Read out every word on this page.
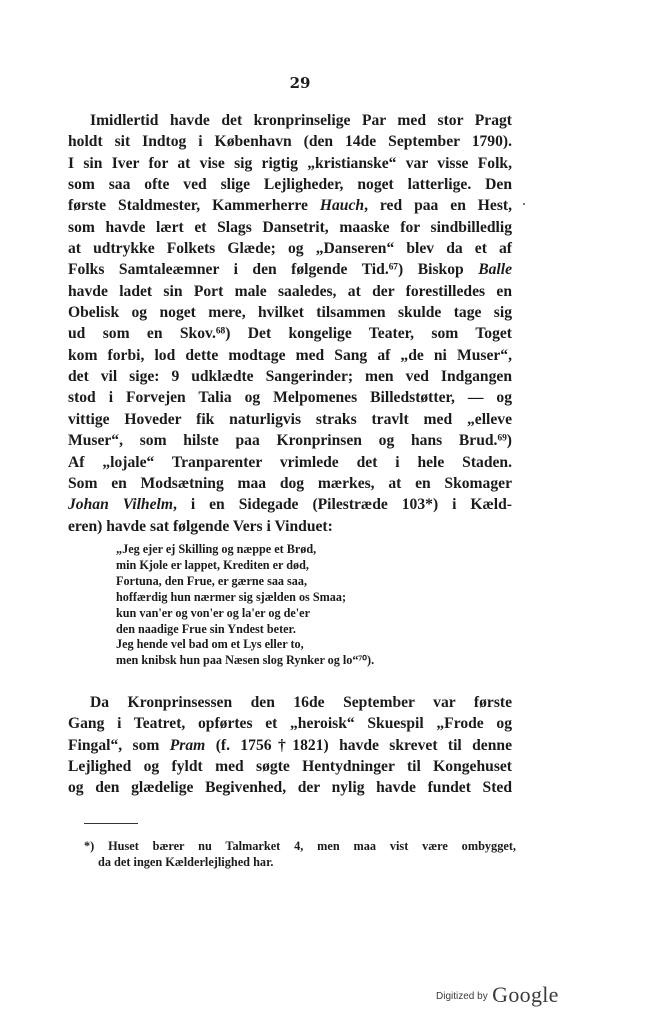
29
Imidlertid havde det kronprinselige Par med stor Pragt
holdt sit Indtog i København (den 14de September 1790).
I sin Iver for at vise sig rigtig „kristianske“ var visse Folk,
som saa ofte ved slige Lejligheder, noget latterlige. Den
første Staldmester, Kammerherre Hauch, red paa en Hest,
som havde lært et Slags Dansetrit, maaske for sindbilledlig
at udtrykke Folkets Glæde; og „Danseren“ blev da et af
Folks Samtaleæmner i den følgende Tid.⁶⁷) Biskop Balle
havde ladet sin Port male saaledes, at der forestilledes en
Obelisk og noget mere, hvilket tilsammen skulde tage sig
ud som en Skov.⁶⁸) Det kongelige Teater, som Toget
kom forbi, lod dette modtage med Sang af „de ni Muser“,
det vil sige: 9 udklædte Sangerinder; men ved Indgangen
stod i Forvejen Talia og Melpomenes Billedstøtter, — og
vittige Hoveder fik naturligvis straks travlt med „elleve
Muser“, som hilste paa Kronprinsen og hans Brud.⁶⁹)
Af „lojale“ Tranparenter vrimlede det i hele Staden.
Som en Modsætning maa dog mærkes, at en Skomager
Johan Vilhelm, i en Sidegade (Pilestræde 103*) i Kæld-
eren) havde sat følgende Vers i Vinduet:
„Jeg ejer ej Skilling og næppe et Brød,
min Kjole er lappet, Krediten er død,
Fortuna, den Frue, er gærne saa saa,
hoffærdig hun nærmer sig sjælden os Smaa;
kun van'er og von'er og la'er og de'er
den naadige Frue sin Yndest beter.
Jeg hende vel bad om et Lys eller to,
men knibsk hun paa Næsen slog Rynker og lo“⁷⁰).
Da Kronprinsessen den 16de September var første
Gang i Teatret, opførtes et „heroisk“ Skuespil „Frode og
Fingal“, som Pram (f. 1756†1821) havde skrevet til denne
Lejlighed og fyldt med søgte Hentydninger til Kongehuset
og den glædelige Begivenhed, der nylig havde fundet Sted
*) Huset bærer nu Talmarket 4, men maa vist være ombygget,
da det ingen Kælderlejlighed har.
Digitized by Google
